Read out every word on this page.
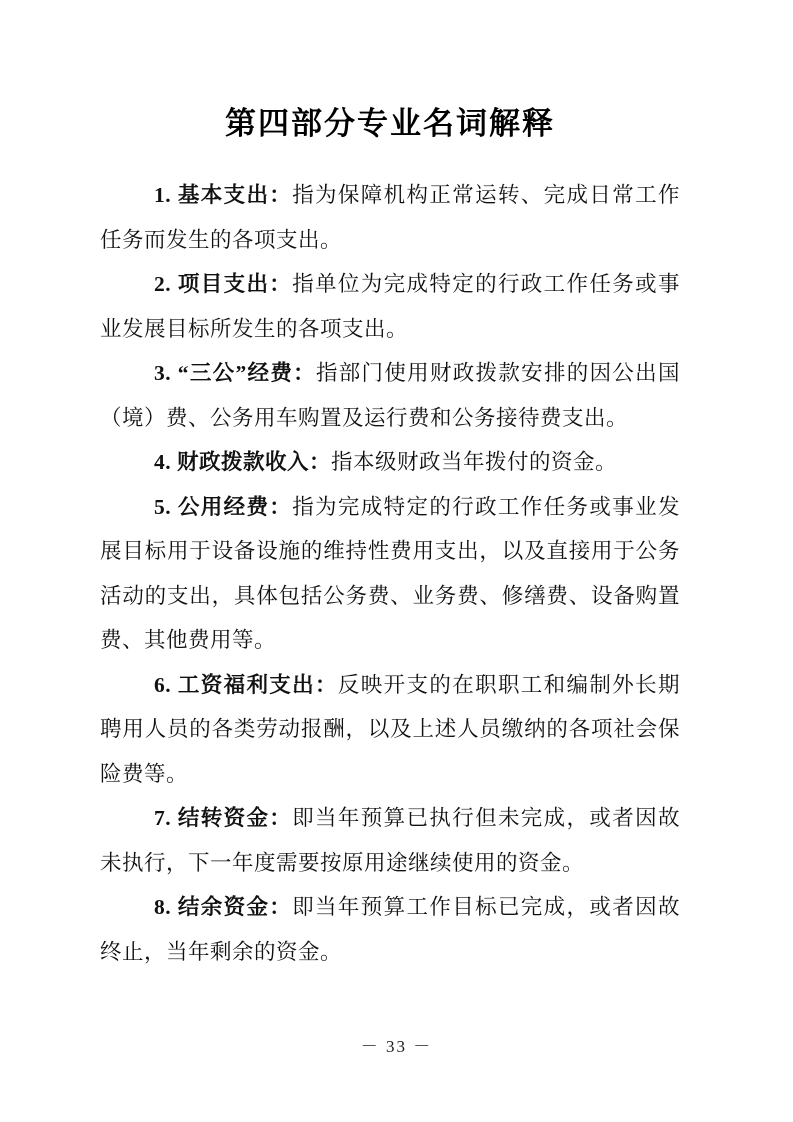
第四部分专业名词解释

1. 基本支出：指为保障机构正常运转、完成日常工作任务而发生的各项支出。

2. 项目支出：指单位为完成特定的行政工作任务或事业发展目标所发生的各项支出。

3. “三公”经费：指部门使用财政拨款安排的因公出国（境）费、公务用车购置及运行费和公务接待费支出。

4. 财政拨款收入：指本级财政当年拨付的资金。

5. 公用经费：指为完成特定的行政工作任务或事业发展目标用于设备设施的维持性费用支出，以及直接用于公务活动的支出，具体包括公务费、业务费、修缮费、设备购置费、其他费用等。

6. 工资福利支出：反映开支的在职职工和编制外长期聘用人员的各类劳动报酬，以及上述人员缴纳的各项社会保险费等。

7. 结转资金：即当年预算已执行但未完成，或者因故未执行，下一年度需要按原用途继续使用的资金。

8. 结余资金：即当年预算工作目标已完成，或者因故终止，当年剩余的资金。

－ 33 －
